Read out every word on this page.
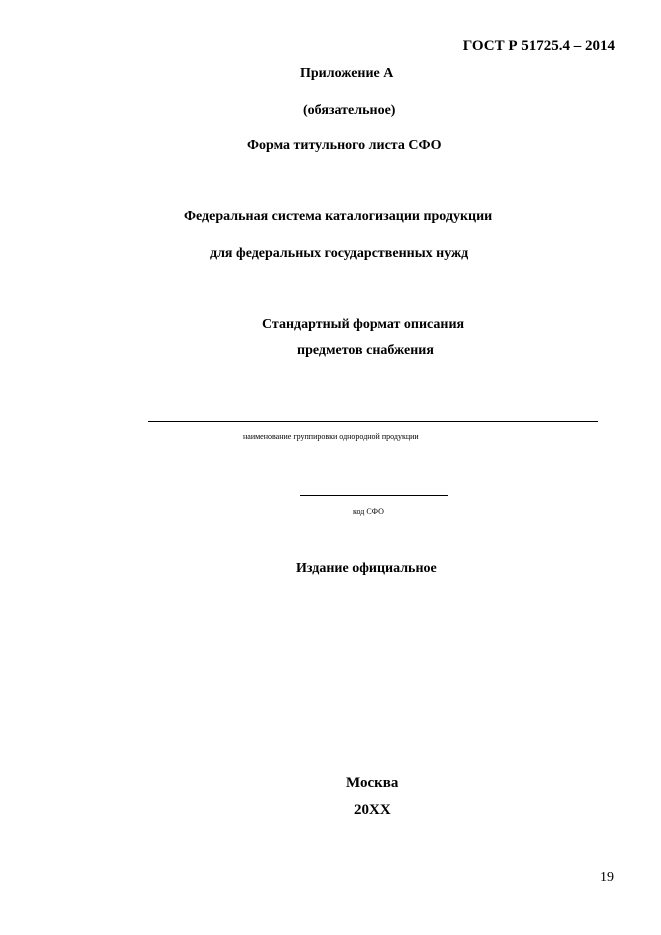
ГОСТ Р 51725.4 – 2014

Приложение А

(обязательное)

Форма титульного листа СФО

Федеральная система каталогизации продукции

для федеральных государственных нужд

Стандартный формат описания

предметов снабжения

наименование группировки однородной продукции

код СФО

Издание официальное

Москва

20ХХ

19
